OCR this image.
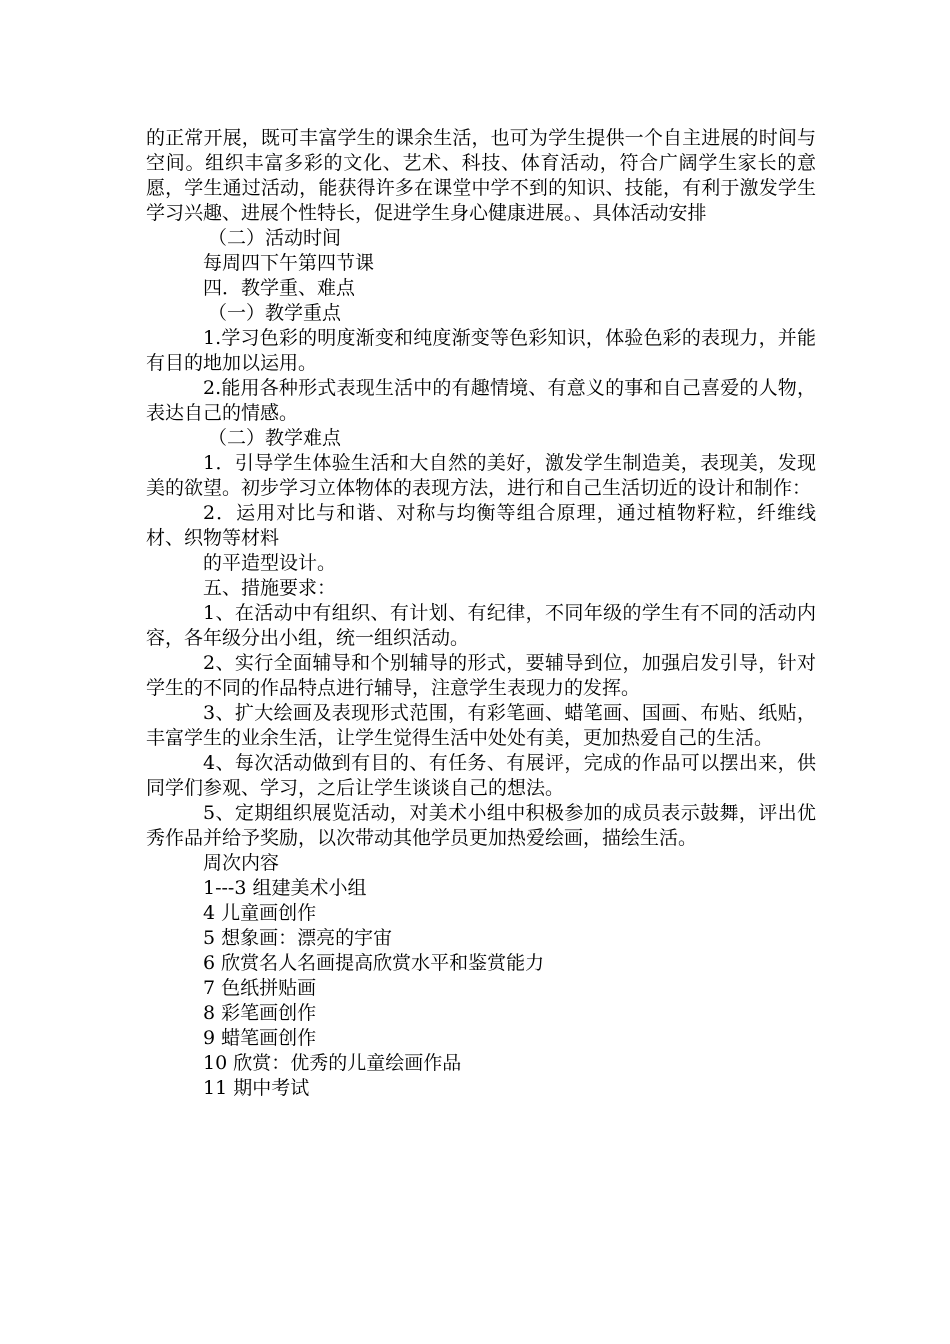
的正常开展，既可丰富学生的课余生活，也可为学生提供一个自主进展的时间与空间。组织丰富多彩的文化、艺术、科技、体育活动，符合广阔学生家长的意愿，学生通过活动，能获得许多在课堂中学不到的知识、技能，有利于激发学生学习兴趣、进展个性特长，促进学生身心健康进展。、具体活动安排

（二）活动时间

每周四下午第四节课

四．教学重、难点

（一）教学重点

1.学习色彩的明度渐变和纯度渐变等色彩知识，体验色彩的表现力，并能有目的地加以运用。

2.能用各种形式表现生活中的有趣情境、有意义的事和自己喜爱的人物，表达自己的情感。

（二）教学难点

1．引导学生体验生活和大自然的美好，激发学生制造美，表现美，发现美的欲望。初步学习立体物体的表现方法，进行和自己生活切近的设计和制作：

2．运用对比与和谐、对称与均衡等组合原理，通过植物籽粒，纤维线材、织物等材料

的平造型设计。

五、措施要求：

1、在活动中有组织、有计划、有纪律，不同年级的学生有不同的活动内容，各年级分出小组，统一组织活动。

2、实行全面辅导和个别辅导的形式，要辅导到位，加强启发引导，针对学生的不同的作品特点进行辅导，注意学生表现力的发挥。

3、扩大绘画及表现形式范围，有彩笔画、蜡笔画、国画、布贴、纸贴，丰富学生的业余生活，让学生觉得生活中处处有美，更加热爱自己的生活。

4、每次活动做到有目的、有任务、有展评，完成的作品可以摆出来，供同学们参观、学习，之后让学生谈谈自己的想法。

5、定期组织展览活动，对美术小组中积极参加的成员表示鼓舞，评出优秀作品并给予奖励，以次带动其他学员更加热爱绘画，描绘生活。

周次内容

1---3 组建美术小组

4 儿童画创作

5 想象画：漂亮的宇宙

6 欣赏名人名画提高欣赏水平和鉴赏能力

7 色纸拼贴画

8 彩笔画创作

9 蜡笔画创作

10 欣赏：优秀的儿童绘画作品

11 期中考试
